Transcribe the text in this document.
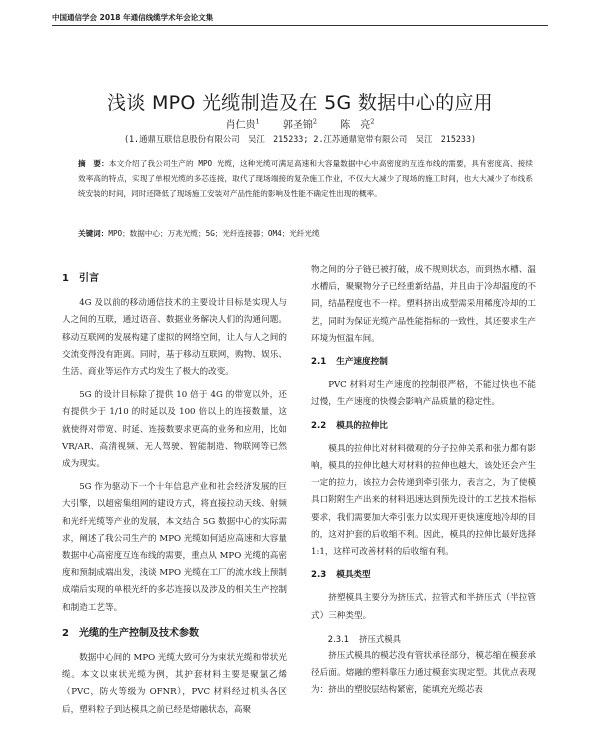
中国通信学会 2018 年通信线缆学术年会论文集
浅谈 MPO 光缆制造及在 5G 数据中心的应用
肖仁贵$^1$ 郭圣锦$^2$ 陈　亮$^2$
(1.通鼎互联信息股份有限公司　吴江　215233; 2.江苏通鼎宽带有限公司　吴江　215233)
摘　要：本文介绍了我公司生产的 MPO 光缆，这种光缆可满足高速和大容量数据中心中高密度的互连布线的需要，具有密度高、接续效率高的特点，实现了单根光缆的多芯连接，取代了现场端接的复杂施工作业，不仅大大减少了现场的施工时间，也大大减少了布线系统安装的时间，同时还降低了现场施工安装对产品性能的影响及性能不确定性出现的概率。
关键词：MPO；数据中心；万兆光缆；5G；光纤连接器；OM4；光纤光缆
1 引言

4G 及以前的移动通信技术的主要设计目标是实现人与人之间的互联，通过语音、数据业务解决人们的沟通问题。移动互联网的发展构建了虚拟的网络空间，让人与人之间的交流变得没有距离。同时，基于移动互联网，购物、娱乐、生活、商业等运作方式均发生了极大的改变。

5G 的设计目标除了提供 10 倍于 4G 的带宽以外，还有提供少于 1/10 的时延以及 100 倍以上的连接数量，这就使得对带宽、时延、连接数要求更高的业务和应用，比如 VR/AR、高清视频、无人驾驶、智能制造、物联网等已然成为现实。

5G 作为驱动下一个十年信息产业和社会经济发展的巨大引擎，以超密集组网的建设方式，将直接拉动天线、射频和光纤光缆等产业的发展，本文结合 5G 数据中心的实际需求，阐述了我公司生产的 MPO 光缆如何适应高速和大容量数据中心高密度互连布线的需要，重点从 MPO 光缆的高密度和预制成端出发，浅谈 MPO 光缆在工厂的流水线上预制成端后实现的单根光纤的多芯连接以及涉及的相关生产控制和制造工艺等。

2 光缆的生产控制及技术参数

数据中心间的 MPO 光缆大致可分为束状光缆和带状光缆。本文以束状光缆为例，其护套材料主要是聚氯乙烯（PVC，防火等级为 OFNR），PVC 材料经过机头各区后，塑料粒子到达模具之前已经是熔融状态，高聚

物之间的分子链已被打破，成不规则状态，而到热水槽、温水槽后，聚聚物分子已经重新结晶，并且由于冷却温度的不同，结晶程度也不一样。塑料挤出成型需采用稀度冷却的工艺，同时为保证光缆产品性能指标的一致性，其还要求生产环境为恒温车间。

2.1 生产速度控制

PVC 材料对生产速度的控制很严格，不能过快也不能过慢，生产速度的快慢会影响产品质量的稳定性。

2.2 模具的拉伸比

模具的拉伸比对材料微观的分子拉伸关系和张力都有影响，模具的拉伸比越大对材料的拉伸也越大，该处还会产生一定的拉力，该拉力会传递到牵引张力，表言之，为了使模具口附附生产出来的材料迅速达到预先设计的工艺技术指标要求，我们需要加大牵引张力以实现开更快速度地冷却的目的，这对护套的后收缩不利。因此，模具的拉伸比最好选择 1:1，这样可改善材料的后收缩有利。

2.3 模具类型

挤塑模具主要分为挤压式、拉管式和半挤压式（半拉管式）三种类型。

2.3.1 挤压式模具

挤压式模具的模芯没有管状承径部分，模芯缩在模套承径后面。熔融的塑料靠压力通过模套实现定型。其优点表现为：挤出的塑胶层结构紧密，能填充光缆芯表
